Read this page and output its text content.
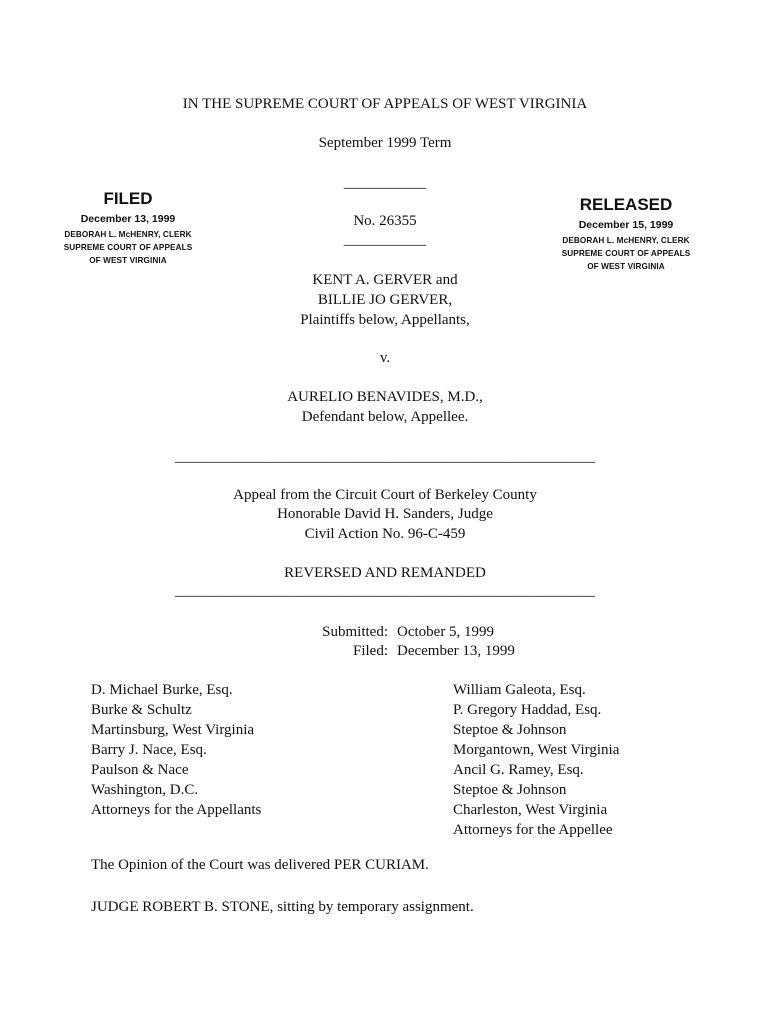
IN THE SUPREME COURT OF APPEALS OF WEST VIRGINIA
September 1999 Term
___________
No. 26355
___________
FILED
December 13, 1999
DEBORAH L. McHENRY, CLERK
SUPREME COURT OF APPEALS
OF WEST VIRGINIA
RELEASED
December 15, 1999
DEBORAH L. McHENRY, CLERK
SUPREME COURT OF APPEALS
OF WEST VIRGINIA
KENT A. GERVER and
BILLIE JO GERVER,
Plaintiffs below, Appellants,
v.
AURELIO BENAVIDES, M.D.,
Defendant below, Appellee.
________________________________________________________
Appeal from the Circuit Court of Berkeley County
Honorable David H. Sanders, Judge
Civil Action No. 96-C-459
REVERSED AND REMANDED
________________________________________________________
Submitted: October 5, 1999
Filed: December 13, 1999
D. Michael Burke, Esq.
Burke & Schultz
Martinsburg, West Virginia
Barry J. Nace, Esq.
Paulson & Nace
Washington, D.C.
Attorneys for the Appellants
William Galeota, Esq.
P. Gregory Haddad, Esq.
Steptoe & Johnson
Morgantown, West Virginia
Ancil G. Ramey, Esq.
Steptoe & Johnson
Charleston, West Virginia
Attorneys for the Appellee
The Opinion of the Court was delivered PER CURIAM.
JUDGE ROBERT B. STONE, sitting by temporary assignment.
